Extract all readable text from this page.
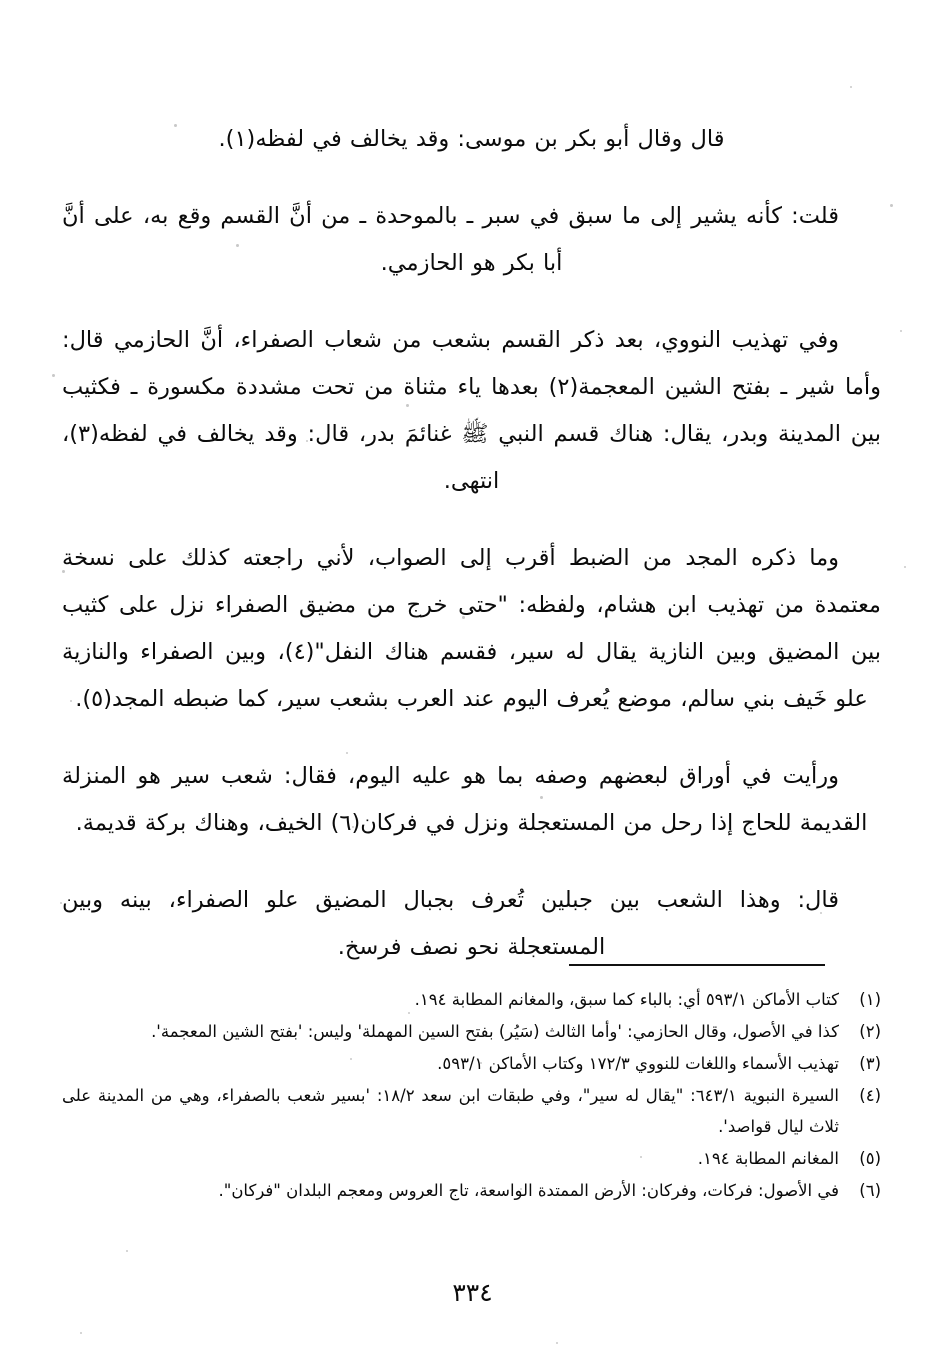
قال وقال أبو بكر بن موسى: وقد يخالف في لفظه(١).

قلت: كأنه يشير إلى ما سبق في سبر ـ بالموحدة ـ من أنَّ القسم وقع به، على أنَّ أبا بكر هو الحازمي.

وفي تهذيب النووي، بعد ذكر القسم بشعب من شعاب الصفراء، أنَّ الحازمي قال: وأما شير ـ بفتح الشين المعجمة(٢) بعدها ياء مثناة من تحت مشددة مكسورة ـ فكثيب بين المدينة وبدر، يقال: هناك قسم النبي ﷺ غنائمَ بدر، قال: وقد يخالف في لفظه(٣)، انتهى.

وما ذكره المجد من الضبط أقرب إلى الصواب، لأني راجعته كذلك على نسخة معتمدة من تهذيب ابن هشام، ولفظه: "حتى خرج من مضيق الصفراء نزل على كثيب بين المضيق وبين النازية يقال له سير، فقسم هناك النفل"(٤)، وبين الصفراء والنازية علو خَيف بني سالم، موضع يُعرف اليوم عند العرب بشعب سير، كما ضبطه المجد(٥).

ورأيت في أوراق لبعضهم وصفه بما هو عليه اليوم، فقال: شعب سير هو المنزلة القديمة للحاج إذا رحل من المستعجلة ونزل في فركان(٦) الخيف، وهناك بركة قديمة.

قال: وهذا الشعب بين جبلين تُعرف بجبال المضيق علو الصفراء، بينه وبين المستعجلة نحو نصف فرسخ.

(١)
كتاب الأماكن ٥٩٣/١ أي: بالباء كما سبق، والمغانم المطابة ١٩٤.
(٢)
كذا في الأصول، وقال الحازمي: 'وأما الثالث (سَيُر) بفتح السين المهملة' وليس: 'بفتح الشين المعجمة'.
(٣)
تهذيب الأسماء واللغات للنووي ١٧٢/٣ وكتاب الأماكن ٥٩٣/١.
(٤)
السيرة النبوية ٦٤٣/١: "يقال له سير"، وفي طبقات ابن سعد ١٨/٢: 'بسير شعب بالصفراء، وهي من المدينة على ثلاث ليال قواصد'.
(٥)
المغانم المطابة ١٩٤.
(٦)
في الأصول: فركات، وفركان: الأرض الممتدة الواسعة، تاج العروس ومعجم البلدان "فركان".
٣٣٤
